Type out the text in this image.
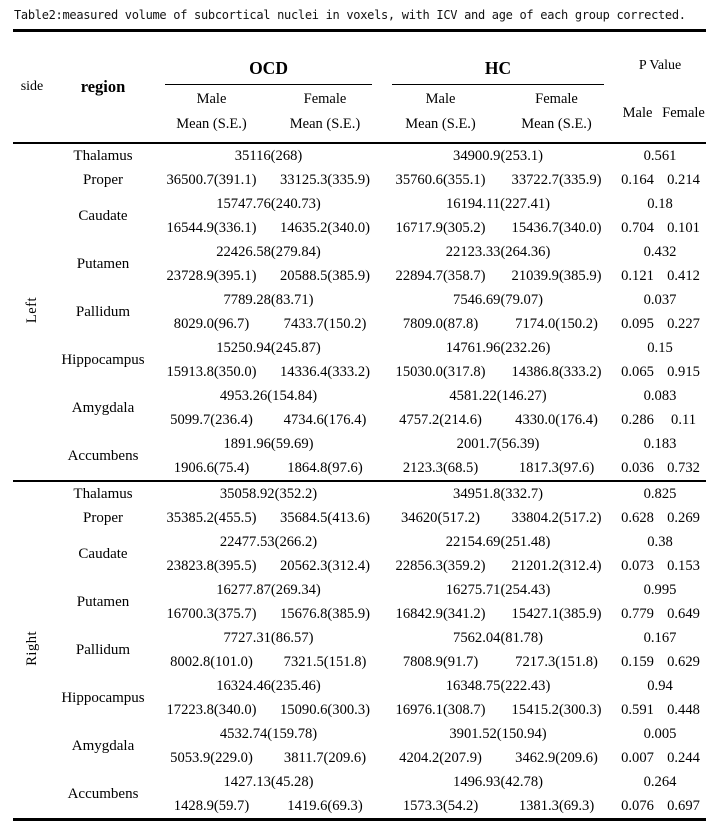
Table2:measured volume of subcortical nuclei in voxels, with ICV and age of each group corrected.
side	region	OCD		HC		P Value	
		Male	Female	Male	Female	Male	Female
		Mean (S.E.)	Mean (S.E.)	Mean (S.E.)	Mean (S.E.)		
Left	Thalamus	35116(268)		34900.9(253.1)		0.561	
	Proper	36500.7(391.1)	33125.3(335.9)	35760.6(355.1)	33722.7(335.9)	0.164	0.214
	Caudate	15747.76(240.73)		16194.11(227.41)		0.18	
		16544.9(336.1)	14635.2(340.0)	16717.9(305.2)	15436.7(340.0)	0.704	0.101
	Putamen	22426.58(279.84)		22123.33(264.36)		0.432	
		23728.9(395.1)	20588.5(385.9)	22894.7(358.7)	21039.9(385.9)	0.121	0.412
	Pallidum	7789.28(83.71)		7546.69(79.07)		0.037	
		8029.0(96.7)	7433.7(150.2)	7809.0(87.8)	7174.0(150.2)	0.095	0.227
	Hippocampus	15250.94(245.87)		14761.96(232.26)		0.15	
		15913.8(350.0)	14336.4(333.2)	15030.0(317.8)	14386.8(333.2)	0.065	0.915
	Amygdala	4953.26(154.84)		4581.22(146.27)		0.083	
		5099.7(236.4)	4734.6(176.4)	4757.2(214.6)	4330.0(176.4)	0.286	0.11
	Accumbens	1891.96(59.69)		2001.7(56.39)		0.183	
		1906.6(75.4)	1864.8(97.6)	2123.3(68.5)	1817.3(97.6)	0.036	0.732
Right	Thalamus	35058.92(352.2)		34951.8(332.7)		0.825	
	Proper	35385.2(455.5)	35684.5(413.6)	34620(517.2)	33804.2(517.2)	0.628	0.269
	Caudate	22477.53(266.2)		22154.69(251.48)		0.38	
		23823.8(395.5)	20562.3(312.4)	22856.3(359.2)	21201.2(312.4)	0.073	0.153
	Putamen	16277.87(269.34)		16275.71(254.43)		0.995	
		16700.3(375.7)	15676.8(385.9)	16842.9(341.2)	15427.1(385.9)	0.779	0.649
	Pallidum	7727.31(86.57)		7562.04(81.78)		0.167	
		8002.8(101.0)	7321.5(151.8)	7808.9(91.7)	7217.3(151.8)	0.159	0.629
	Hippocampus	16324.46(235.46)		16348.75(222.43)		0.94	
		17223.8(340.0)	15090.6(300.3)	16976.1(308.7)	15415.2(300.3)	0.591	0.448
	Amygdala	4532.74(159.78)		3901.52(150.94)		0.005	
		5053.9(229.0)	3811.7(209.6)	4204.2(207.9)	3462.9(209.6)	0.007	0.244
	Accumbens	1427.13(45.28)		1496.93(42.78)		0.264	
		1428.9(59.7)	1419.6(69.3)	1573.3(54.2)	1381.3(69.3)	0.076	0.697
